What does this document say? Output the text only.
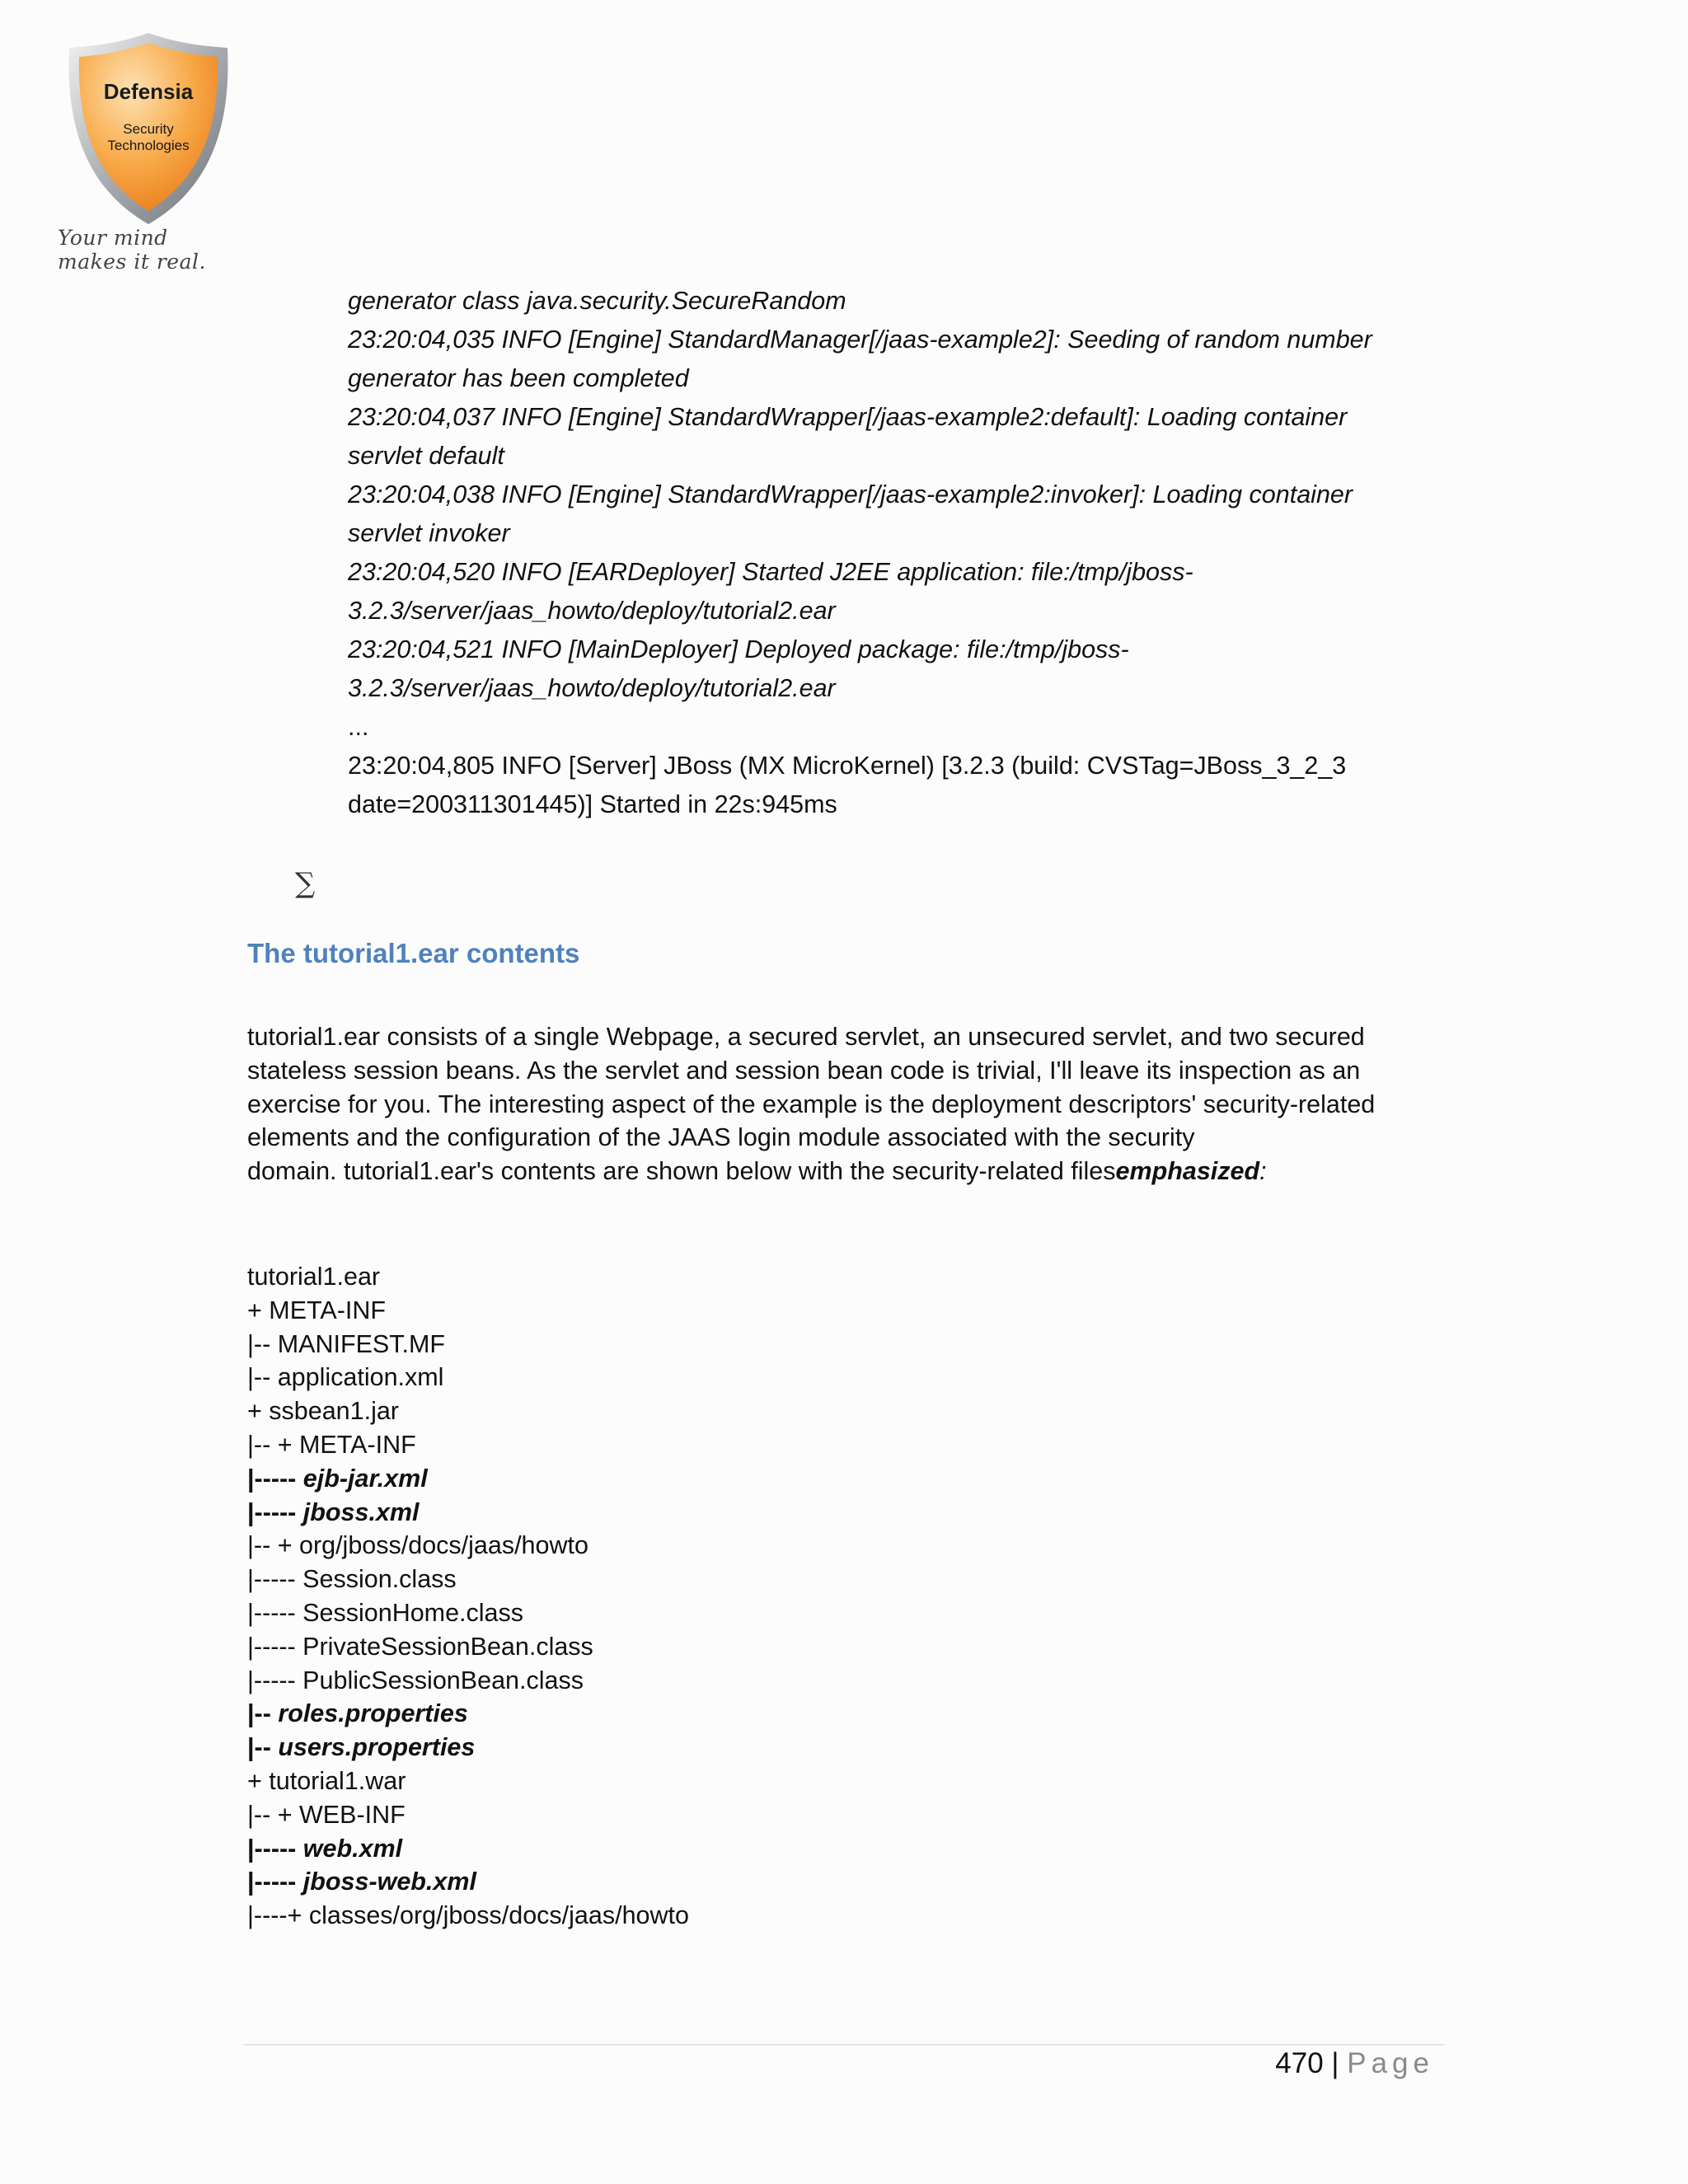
Defensia
Security
Technologies
Your mind makes it real.
generator class java.security.SecureRandom
23:20:04,035 INFO [Engine] StandardManager[/jaas-example2]: Seeding of random number
generator has been completed
23:20:04,037 INFO [Engine] StandardWrapper[/jaas-example2:default]: Loading container
servlet default
23:20:04,038 INFO [Engine] StandardWrapper[/jaas-example2:invoker]: Loading container
servlet invoker
23:20:04,520 INFO [EARDeployer] Started J2EE application: file:/tmp/jboss-
3.2.3/server/jaas_howto/deploy/tutorial2.ear
23:20:04,521 INFO [MainDeployer] Deployed package: file:/tmp/jboss-
3.2.3/server/jaas_howto/deploy/tutorial2.ear
...
23:20:04,805 INFO [Server] JBoss (MX MicroKernel) [3.2.3 (build: CVSTag=JBoss_3_2_3
date=200311301445)] Started in 22s:945ms
∑
The tutorial1.ear contents
tutorial1.ear consists of a single Webpage, a secured servlet, an unsecured servlet, and two secured
stateless session beans. As the servlet and session bean code is trivial, I'll leave its inspection as an
exercise for you. The interesting aspect of the example is the deployment descriptors' security-related
elements and the configuration of the JAAS login module associated with the security
domain. tutorial1.ear's contents are shown below with the security-related filesemphasized:
tutorial1.ear
+ META-INF
|-- MANIFEST.MF
|-- application.xml
+ ssbean1.jar
|-- + META-INF
|----- ejb-jar.xml
|----- jboss.xml
|-- + org/jboss/docs/jaas/howto
|----- Session.class
|----- SessionHome.class
|----- PrivateSessionBean.class
|----- PublicSessionBean.class
|-- roles.properties
|-- users.properties
+ tutorial1.war
|-- + WEB-INF
|----- web.xml
|----- jboss-web.xml
|----+ classes/org/jboss/docs/jaas/howto
470 | Page
